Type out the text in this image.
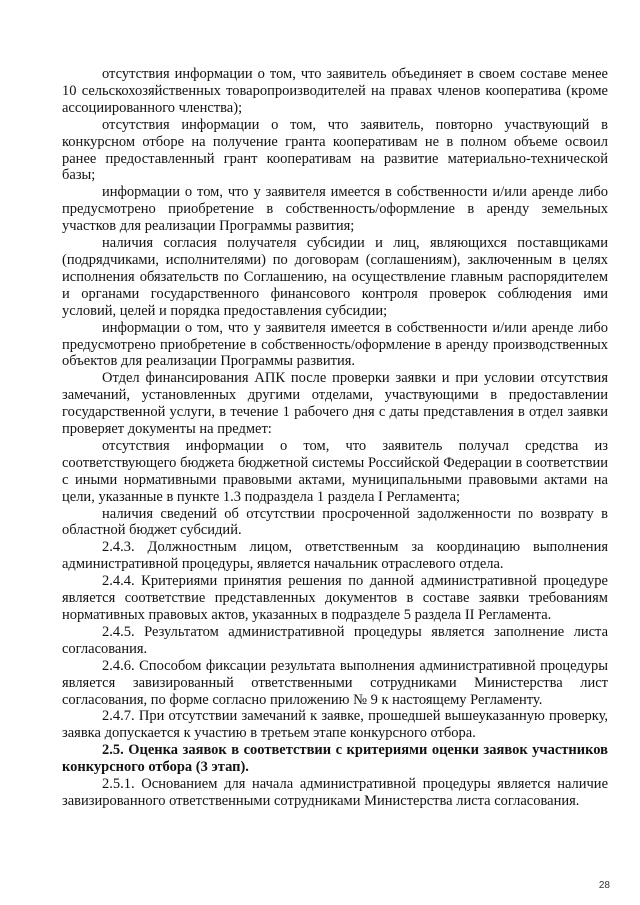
отсутствия информации о том, что заявитель объединяет в своем составе менее 10 сельскохозяйственных товаропроизводителей на правах членов кооператива (кроме ассоциированного членства);

отсутствия информации о том, что заявитель, повторно участвующий в конкурсном отборе на получение гранта кооперативам не в полном объеме освоил ранее предоставленный грант кооперативам на развитие материально-технической базы;

информации о том, что у заявителя имеется в собственности и/или аренде либо предусмотрено приобретение в собственность/оформление в аренду земельных участков для реализации Программы развития;

наличия согласия получателя субсидии и лиц, являющихся поставщиками (подрядчиками, исполнителями) по договорам (соглашениям), заключенным в целях исполнения обязательств по Соглашению, на осуществление главным распорядителем и органами государственного финансового контроля проверок соблюдения ими условий, целей и порядка предоставления субсидии;

информации о том, что у заявителя имеется в собственности и/или аренде либо предусмотрено приобретение в собственность/оформление в аренду производственных объектов для реализации Программы развития.

Отдел финансирования АПК после проверки заявки и при условии отсутствия замечаний, установленных другими отделами, участвующими в предоставлении государственной услуги, в течение 1 рабочего дня с даты представления в отдел заявки проверяет документы на предмет:

отсутствия информации о том, что заявитель получал средства из соответствующего бюджета бюджетной системы Российской Федерации в соответствии с иными нормативными правовыми актами, муниципальными правовыми актами на цели, указанные в пункте 1.3 подраздела 1 раздела I Регламента;

наличия сведений об отсутствии просроченной задолженности по возврату в областной бюджет субсидий.

2.4.3. Должностным лицом, ответственным за координацию выполнения административной процедуры, является начальник отраслевого отдела.

2.4.4. Критериями принятия решения по данной административной процедуре является соответствие представленных документов в составе заявки требованиям нормативных правовых актов, указанных в подразделе 5 раздела II Регламента.

2.4.5. Результатом административной процедуры является заполнение листа согласования.

2.4.6. Способом фиксации результата выполнения административной процедуры является завизированный ответственными сотрудниками Министерства лист согласования, по форме согласно приложению № 9 к настоящему Регламенту.

2.4.7. При отсутствии замечаний к заявке, прошедшей вышеуказанную проверку, заявка допускается к участию в третьем этапе конкурсного отбора.

2.5. Оценка заявок в соответствии с критериями оценки заявок участников конкурсного отбора (3 этап).

2.5.1. Основанием для начала административной процедуры является наличие завизированного ответственными сотрудниками Министерства листа согласования.

28
